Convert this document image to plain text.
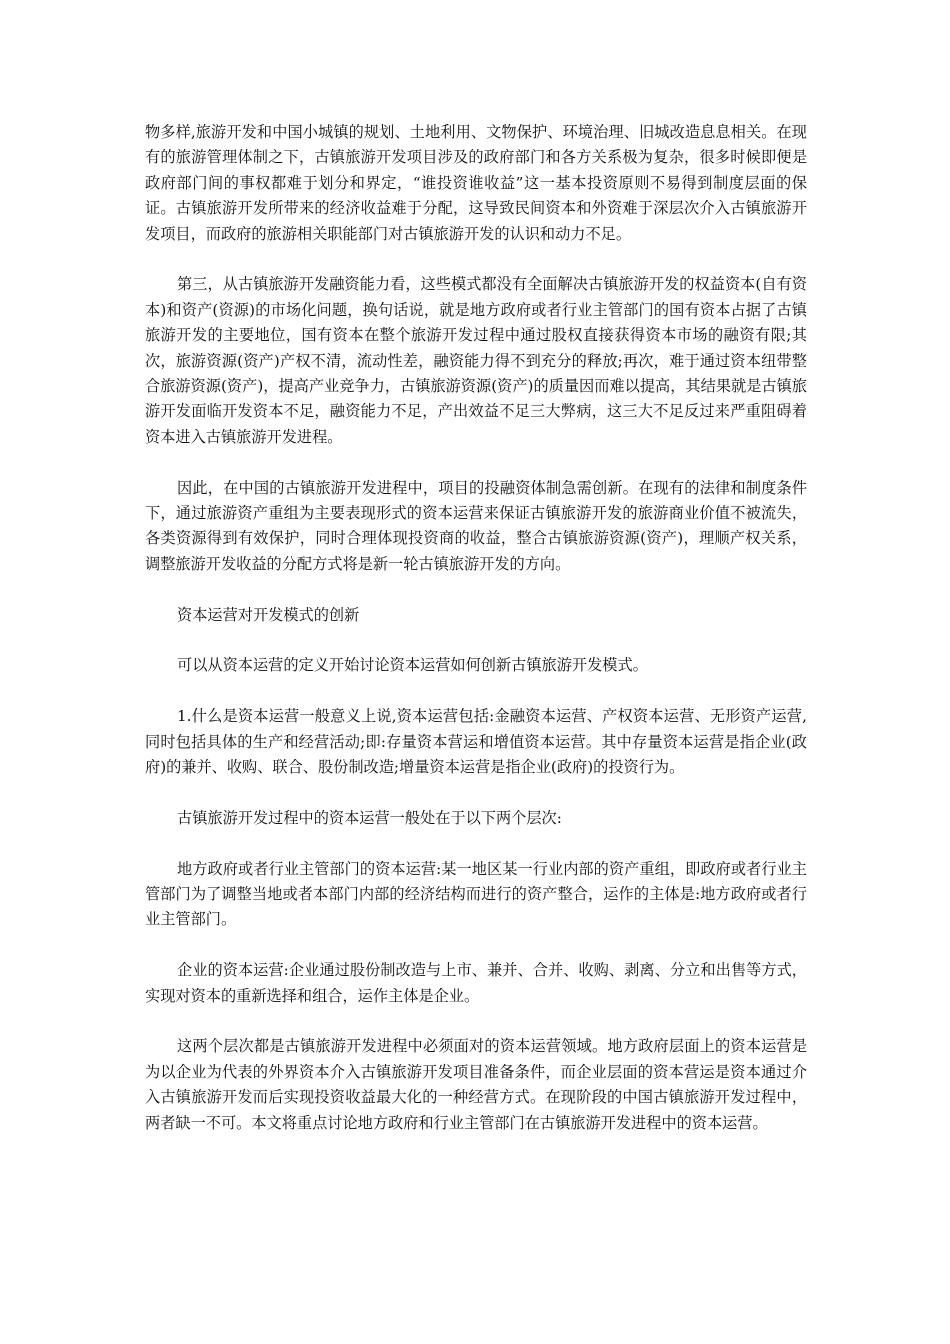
物多样,旅游开发和中国小城镇的规划、土地利用、文物保护、环境治理、旧城改造息息相关。在现有的旅游管理体制之下，古镇旅游开发项目涉及的政府部门和各方关系极为复杂，很多时候即便是政府部门间的事权都难于划分和界定，“谁投资谁收益”这一基本投资原则不易得到制度层面的保证。古镇旅游开发所带来的经济收益难于分配，这导致民间资本和外资难于深层次介入古镇旅游开发项目，而政府的旅游相关职能部门对古镇旅游开发的认识和动力不足。

第三，从古镇旅游开发融资能力看，这些模式都没有全面解决古镇旅游开发的权益资本(自有资本)和资产(资源)的市场化问题，换句话说，就是地方政府或者行业主管部门的国有资本占据了古镇旅游开发的主要地位，国有资本在整个旅游开发过程中通过股权直接获得资本市场的融资有限;其次，旅游资源(资产)产权不清，流动性差，融资能力得不到充分的释放;再次，难于通过资本纽带整合旅游资源(资产)，提高产业竞争力，古镇旅游资源(资产)的质量因而难以提高，其结果就是古镇旅游开发面临开发资本不足，融资能力不足，产出效益不足三大弊病，这三大不足反过来严重阻碍着资本进入古镇旅游开发进程。

因此，在中国的古镇旅游开发进程中，项目的投融资体制急需创新。在现有的法律和制度条件下，通过旅游资产重组为主要表现形式的资本运营来保证古镇旅游开发的旅游商业价值不被流失，各类资源得到有效保护，同时合理体现投资商的收益，整合古镇旅游资源(资产)，理顺产权关系，调整旅游开发收益的分配方式将是新一轮古镇旅游开发的方向。

资本运营对开发模式的创新

可以从资本运营的定义开始讨论资本运营如何创新古镇旅游开发模式。

1.什么是资本运营一般意义上说,资本运营包括:金融资本运营、产权资本运营、无形资产运营,同时包括具体的生产和经营活动;即:存量资本营运和增值资本运营。其中存量资本运营是指企业(政府)的兼并、收购、联合、股份制改造;增量资本运营是指企业(政府)的投资行为。

古镇旅游开发过程中的资本运营一般处在于以下两个层次:

地方政府或者行业主管部门的资本运营:某一地区某一行业内部的资产重组，即政府或者行业主管部门为了调整当地或者本部门内部的经济结构而进行的资产整合，运作的主体是:地方政府或者行业主管部门。

企业的资本运营:企业通过股份制改造与上市、兼并、合并、收购、剥离、分立和出售等方式，实现对资本的重新选择和组合，运作主体是企业。

这两个层次都是古镇旅游开发进程中必须面对的资本运营领域。地方政府层面上的资本运营是为以企业为代表的外界资本介入古镇旅游开发项目准备条件，而企业层面的资本营运是资本通过介入古镇旅游开发而后实现投资收益最大化的一种经营方式。在现阶段的中国古镇旅游开发过程中，两者缺一不可。本文将重点讨论地方政府和行业主管部门在古镇旅游开发进程中的资本运营。
